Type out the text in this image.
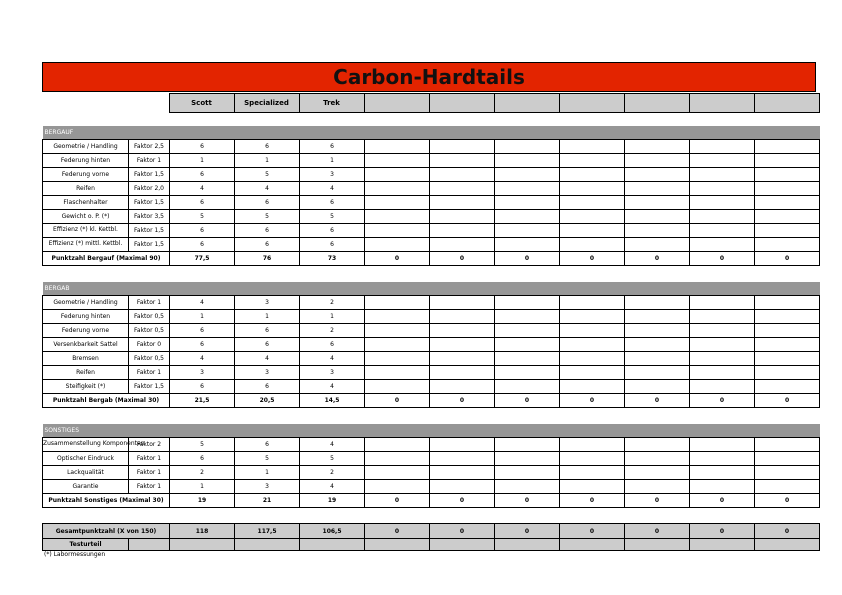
Carbon-Hardtails
		Scott	Specialized	Trek							
BERGAUF											
Geometrie / Handling	Faktor 2,5	6	6	6							
Federung hinten	Faktor 1	1	1	1							
Federung vorne	Faktor 1,5	6	5	3							
Reifen	Faktor 2,0	4	4	4							
Flaschenhalter	Faktor 1,5	6	6	6							
Gewicht o. P. (*)	Faktor 3,5	5	5	5							
Effizienz (*) kl. Kettbl.	Faktor 1,5	6	6	6							
Effizienz (*) mittl. Kettbl.	Faktor 1,5	6	6	6							
Punktzahl Bergauf (Maximal 90)		77,5	76	73	0	0	0	0	0	0	0
BERGAB											
Geometrie / Handling	Faktor 1	4	3	2							
Federung hinten	Faktor 0,5	1	1	1							
Federung vorne	Faktor 0,5	6	6	2							
Versenkbarkeit Sattel	Faktor 0	6	6	6							
Bremsen	Faktor 0,5	4	4	4							
Reifen	Faktor 1	3	3	3							
Steifigkeit (*)	Faktor 1,5	6	6	4							
Punktzahl Bergab (Maximal 30)		21,5	20,5	14,5	0	0	0	0	0	0	0
SONSTIGES											
Zusammenstellung Komponenten	Faktor 2	5	6	4							
Optischer Eindruck	Faktor 1	6	5	5							
Lackqualität	Faktor 1	2	1	2							
Garantie	Faktor 1	1	3	4							
Punktzahl Sonstiges (Maximal 30)		19	21	19	0	0	0	0	0	0	0
Gesamtpunktzahl (X von 150)		118	117,5	106,5	0	0	0	0	0	0	0
Testurteil											
(*) Labormessungen
